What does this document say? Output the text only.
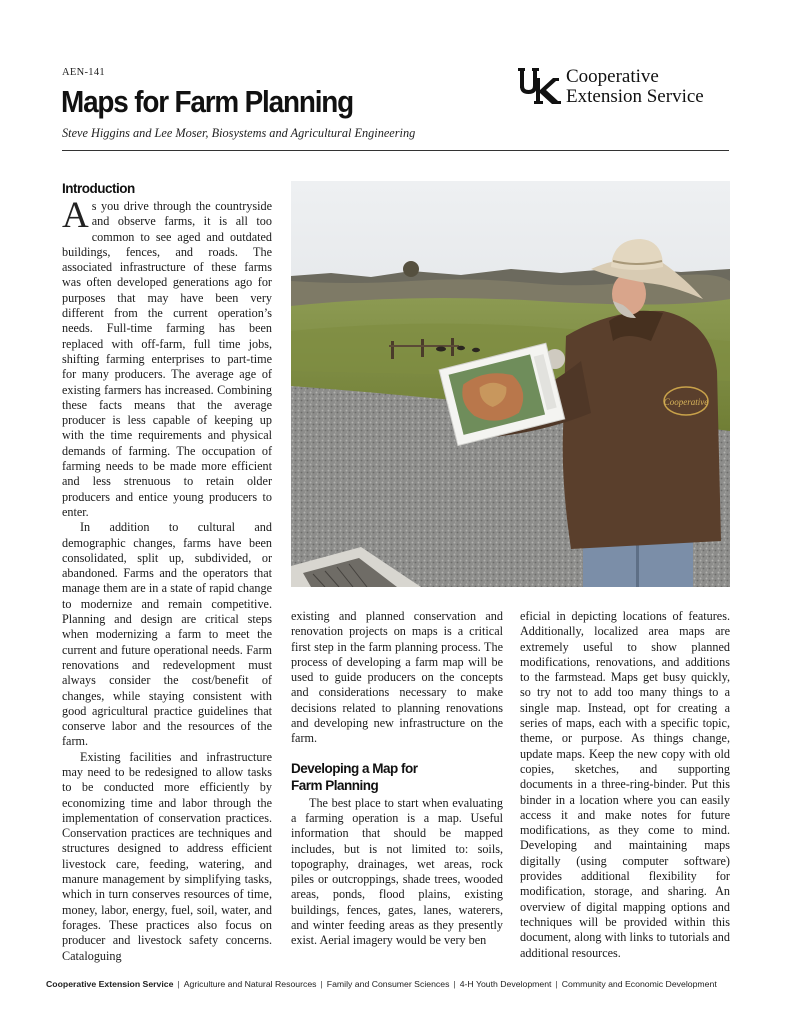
AEN-141
Maps for Farm Planning
Steve Higgins and Lee Moser, Biosystems and Agricultural Engineering
Cooperative
Extension Service
Introduction

As you drive through the countryside and observe farms, it is all too common to see aged and outdated buildings, fences, and roads. The associated infrastructure of these farms was often developed generations ago for purposes that may have been very different from the current operation’s needs. Full-time farming has been replaced with off-farm, full time jobs, shifting farming enterprises to part-time for many producers. The average age of existing farmers has increased. Combining these facts means that the average producer is less capable of keeping up with the time requirements and physical demands of farming. The occupation of farming needs to be made more efficient and less strenuous to retain older producers and entice young producers to enter.

In addition to cultural and demographic changes, farms have been consolidated, split up, subdivided, or abandoned. Farms and the operators that manage them are in a state of rapid change to modernize and remain competitive. Planning and design are critical steps when modernizing a farm to meet the current and future operational needs. Farm renovations and redevelopment must always consider the cost/benefit of changes, while staying consistent with good agricultural practice guidelines that conserve labor and the resources of the farm.

Existing facilities and infrastructure may need to be redesigned to allow tasks to be conducted more efficiently by economizing time and labor through the implementation of conservation practices. Conservation practices are techniques and structures designed to address efficient livestock care, feeding, watering, and manure management by simplifying tasks, which in turn conserves resources of time, money, labor, energy, fuel, soil, water, and forages. These practices also focus on producer and livestock safety concerns. Cataloguing

Cooperative

existing and planned conservation and renovation projects on maps is a critical first step in the farm planning process. The process of developing a farm map will be used to guide producers on the concepts and considerations necessary to make decisions related to planning renovations and developing new infrastructure on the farm.

Developing a Map for
Farm Planning

The best place to start when evaluating a farming operation is a map. Useful information that should be mapped includes, but is not limited to: soils, topography, drainages, wet areas, rock piles or outcroppings, shade trees, wooded areas, ponds, flood plains, existing buildings, fences, gates, lanes, waterers, and winter feeding areas as they presently exist. Aerial imagery would be very ben

eficial in depicting locations of features. Additionally, localized area maps are extremely useful to show planned modifications, renovations, and additions to the farmstead. Maps get busy quickly, so try not to add too many things to a single map. Instead, opt for creating a series of maps, each with a specific topic, theme, or purpose. As things change, update maps. Keep the new copy with old copies, sketches, and supporting documents in a three-ring-binder. Put this binder in a location where you can easily access it and make notes for future modifications, as they come to mind. Developing and maintaining maps digitally (using computer software) provides additional flexibility for modification, storage, and sharing. An overview of digital mapping options and techniques will be provided within this document, along with links to tutorials and additional resources.

Cooperative Extension Service | Agriculture and Natural Resources | Family and Consumer Sciences | 4-H Youth Development | Community and Economic Development
